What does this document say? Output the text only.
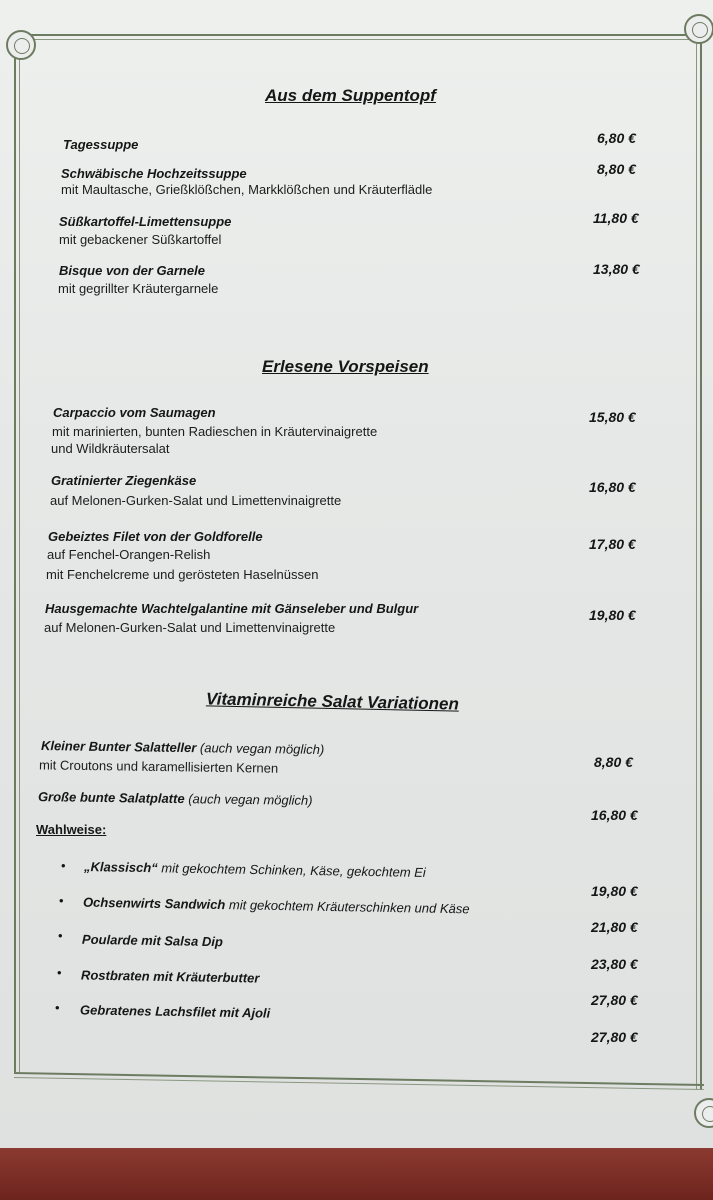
Aus dem Suppentopf
Tagessuppe	6,80 €
Schwäbische Hochzeitssuppe
mit Maultasche, Grießklößchen, Markklößchen und Kräuterflädle
8,80 €
Süßkartoffel-Limettensuppe
mit gebackener Süßkartoffel
11,80 €
Bisque von der Garnele
mit gegrillter Kräutergarnele
13,80 €
Erlesene Vorspeisen
Carpaccio vom Saumagen
mit marinierten, bunten Radieschen in Kräutervinaigrette
und Wildkräutersalat
15,80 €
Gratinierter Ziegenkäse
auf Melonen-Gurken-Salat und Limettenvinaigrette
16,80 €
Gebeiztes Filet von der Goldforelle
auf Fenchel-Orangen-Relish
mit Fenchelcreme und gerösteten Haselnüssen
17,80 €
Hausgemachte Wachtelgalantine mit Gänseleber und Bulgur
auf Melonen-Gurken-Salat und Limettenvinaigrette
19,80 €
Vitaminreiche Salat Variationen
Kleiner Bunter Salatteller (auch vegan möglich)
mit Croutons und karamellisierten Kernen	8,80 €
Große bunte Salatplatte (auch vegan möglich)
16,80 €
Wahlweise:
• „Klassisch“ mit gekochtem Schinken, Käse, gekochtem Ei
19,80 €
• Ochsenwirts Sandwich mit gekochtem Kräuterschinken und Käse
21,80 €
• Poularde mit Salsa Dip
23,80 €
• Rostbraten mit Kräuterbutter
27,80 €
• Gebratenes Lachsfilet mit Ajoli
27,80 €
